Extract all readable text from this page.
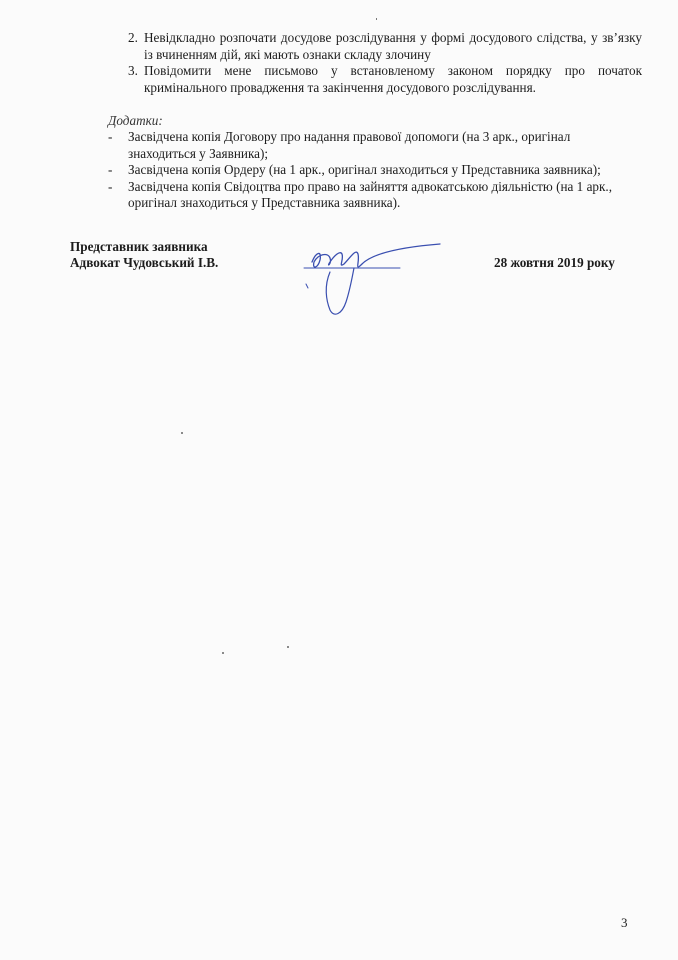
2. Невідкладно розпочати досудове розслідування у формі досудового слідства, у зв’язку із вчиненням дій, які мають ознаки складу злочину
3. Повідомити мене письмово у встановленому законом порядку про початок кримінального провадження та закінчення досудового розслідування.
Додатки:
- Засвідчена копія Договору про надання правової допомоги (на 3 арк., оригінал знаходиться у Заявника);
- Засвідчена копія Ордеру (на 1 арк., оригінал знаходиться у Представника заявника);
- Засвідчена копія Свідоцтва про право на зайняття адвокатською діяльністю (на 1 арк., оригінал знаходиться у Представника заявника).
Представник заявника
Адвокат Чудовський І.В.	28 жовтня 2019 року
3
